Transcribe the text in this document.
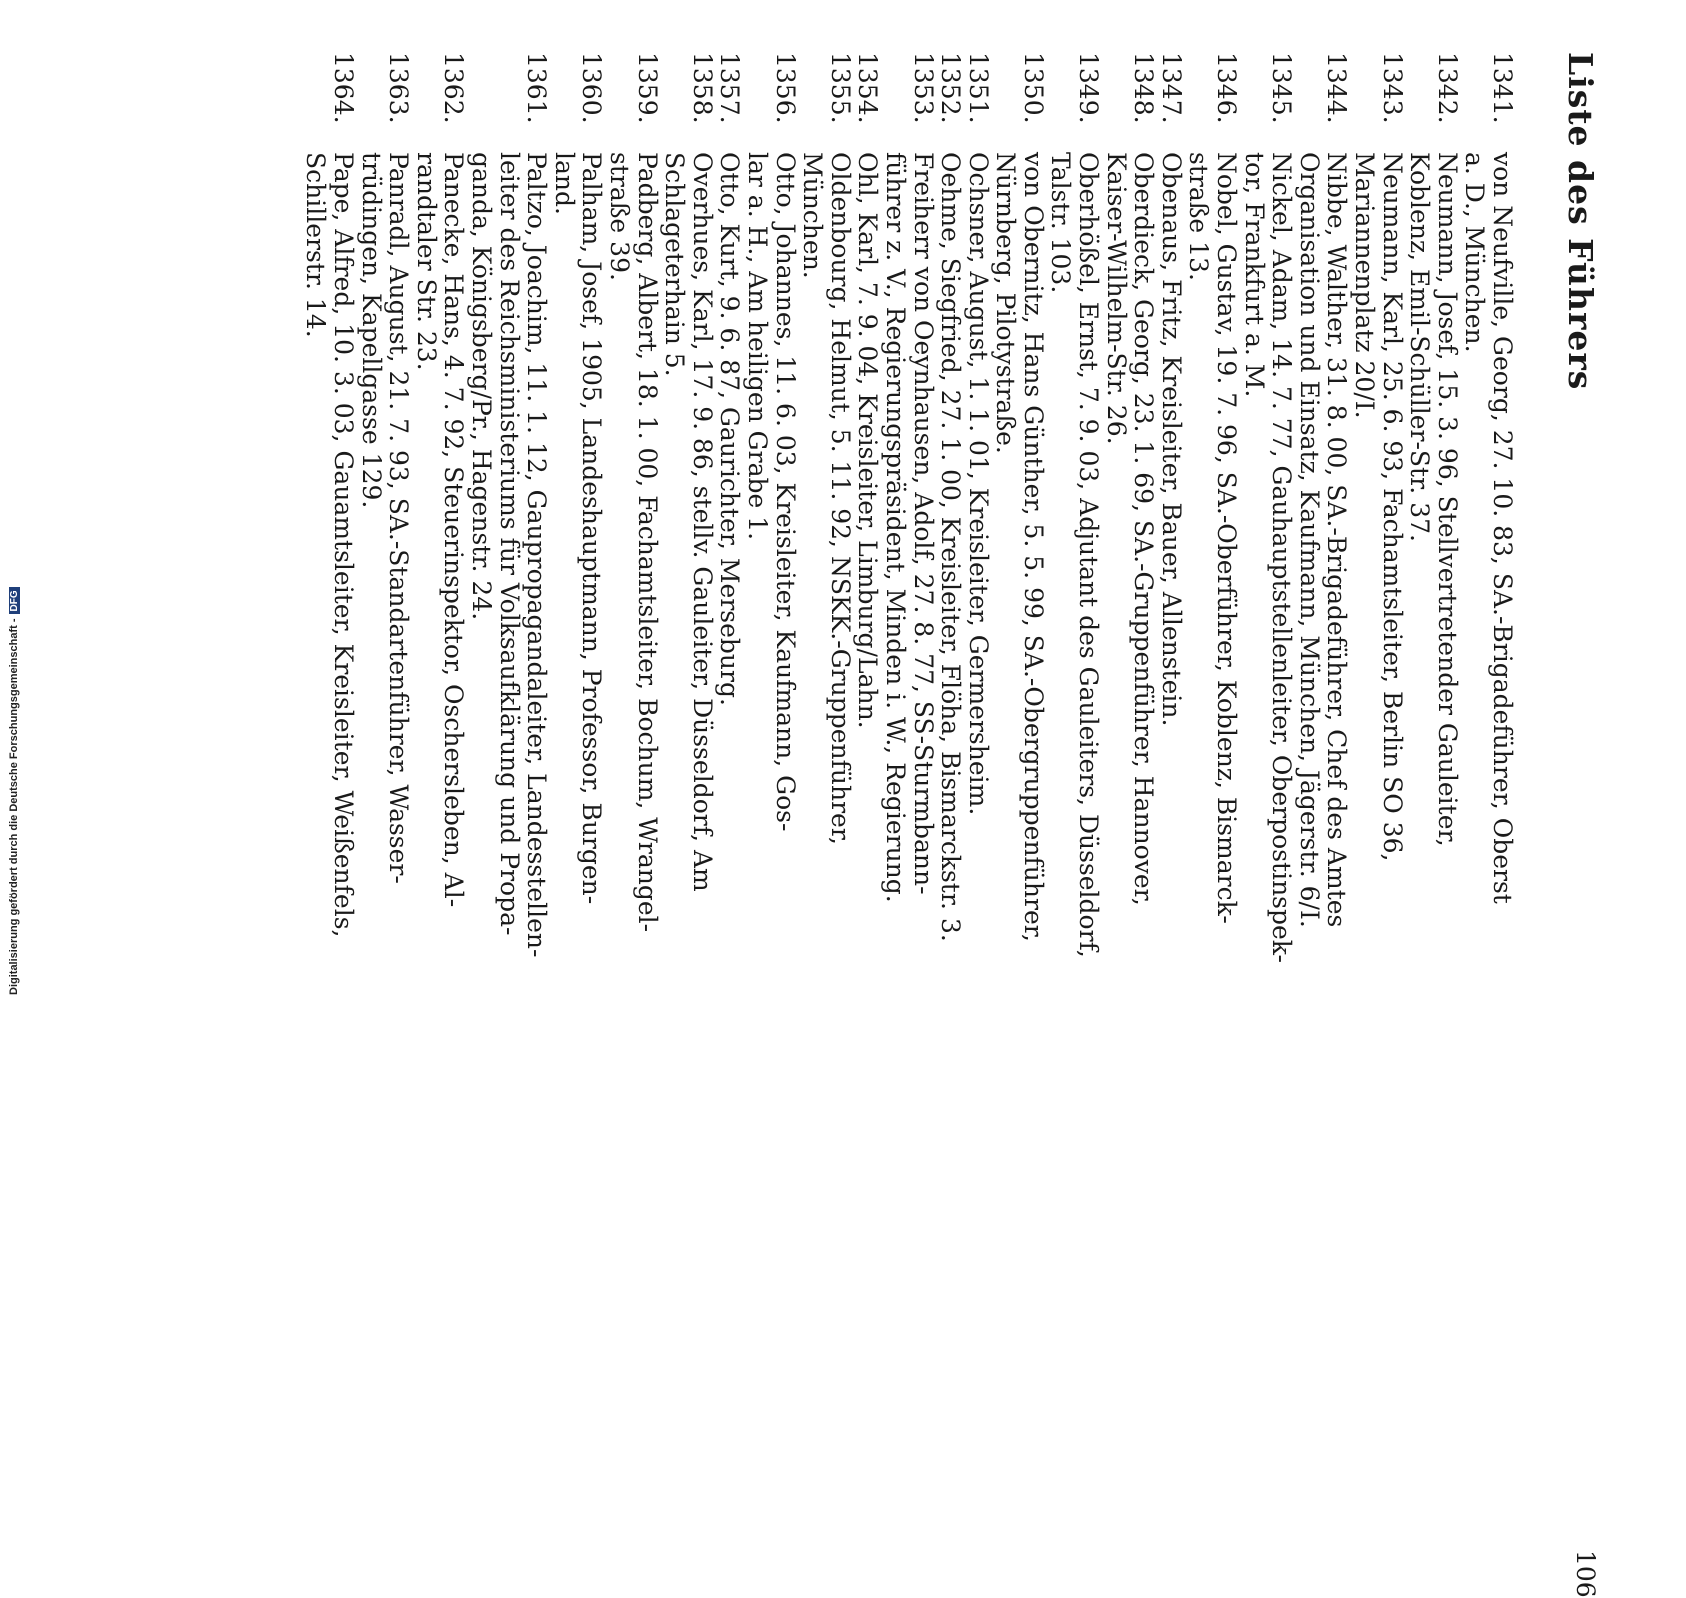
Liste des Führers
1341.
von Neufville, Georg, 27. 10. 83, SA.-Brigadeführer, Oberst
a. D., München.
1342.
Neumann, Josef, 15. 3. 96, Stellvertretender Gauleiter,
Koblenz, Emil-Schüller-Str. 37.
1343.
Neumann, Karl, 25. 6. 93, Fachamtsleiter, Berlin SO 36,
Mariannenplatz 20/I.
1344.
Nibbe, Walther, 31. 8. 00, SA.-Brigadeführer, Chef des Amtes
Organisation und Einsatz, Kaufmann, München, Jägerstr. 6/I.
1345.
Nickel, Adam, 14. 7. 77, Gauhauptstellenleiter, Oberpostinspek-
tor, Frankfurt a. M.
1346.
Nobel, Gustav, 19. 7. 96, SA.-Oberführer, Koblenz, Bismarck-
straße 13.
1347.
Obenaus, Fritz, Kreisleiter, Bauer, Allenstein.
1348.
Oberdieck, Georg, 23. 1. 69, SA.-Gruppenführer, Hannover,
Kaiser-Wilhelm-Str. 26.
1349.
Oberhößel, Ernst, 7. 9. 03, Adjutant des Gauleiters, Düsseldorf,
Talstr. 103.
1350.
von Obernitz, Hans Günther, 5. 5. 99, SA.-Obergruppenführer,
Nürnberg, Pilotystraße.
1351.
Ochsner, August, 1. 1. 01, Kreisleiter, Germersheim.
1352.
Oehme, Siegfried, 27. 1. 00, Kreisleiter, Flöha, Bismarckstr. 3.
1353.
Freiherr von Oeynhausen, Adolf, 27. 8. 77, SS-Sturmbann-
führer z. V., Regierungspräsident, Minden i. W., Regierung.
1354.
Ohl, Karl, 7. 9. 04, Kreisleiter, Limburg/Lahn.
1355.
Oldenbourg, Helmut, 5. 11. 92, NSKK.-Gruppenführer,
München.
1356.
Otto, Johannes, 11. 6. 03, Kreisleiter, Kaufmann, Gos-
lar a. H., Am heiligen Grabe 1.
1357.
Otto, Kurt, 9. 6. 87, Gaurichter, Merseburg.
1358.
Overhues, Karl, 17. 9. 86, stellv. Gauleiter, Düsseldorf, Am
Schlageterhain 5.
1359.
Padberg, Albert, 18. 1. 00, Fachamtsleiter, Bochum, Wrangel-
straße 39.
1360.
Palham, Josef, 1905, Landeshauptmann, Professor, Burgen-
land.
1361.
Paltzo, Joachim, 11. 1. 12, Gaupropagandaleiter, Landesstellen-
leiter des Reichsministeriums für Volksaufklärung und Propa-
ganda, Königsberg/Pr., Hagenstr. 24.
1362.
Panecke, Hans, 4. 7. 92, Steuerinspektor, Oschersleben, Al-
randtaler Str. 23.
1363.
Panradl, August, 21. 7. 93, SA.-Standartenführer, Wasser-
trüdingen, Kapellgasse 129.
1364.
Pape, Alfred, 10. 3. 03, Gauamtsleiter, Kreisleiter, Weißenfels,
Schillerstr. 14.
106
Digitalisierung gefördert durch die Deutsche Forschungsgemeinschaft -DFG
